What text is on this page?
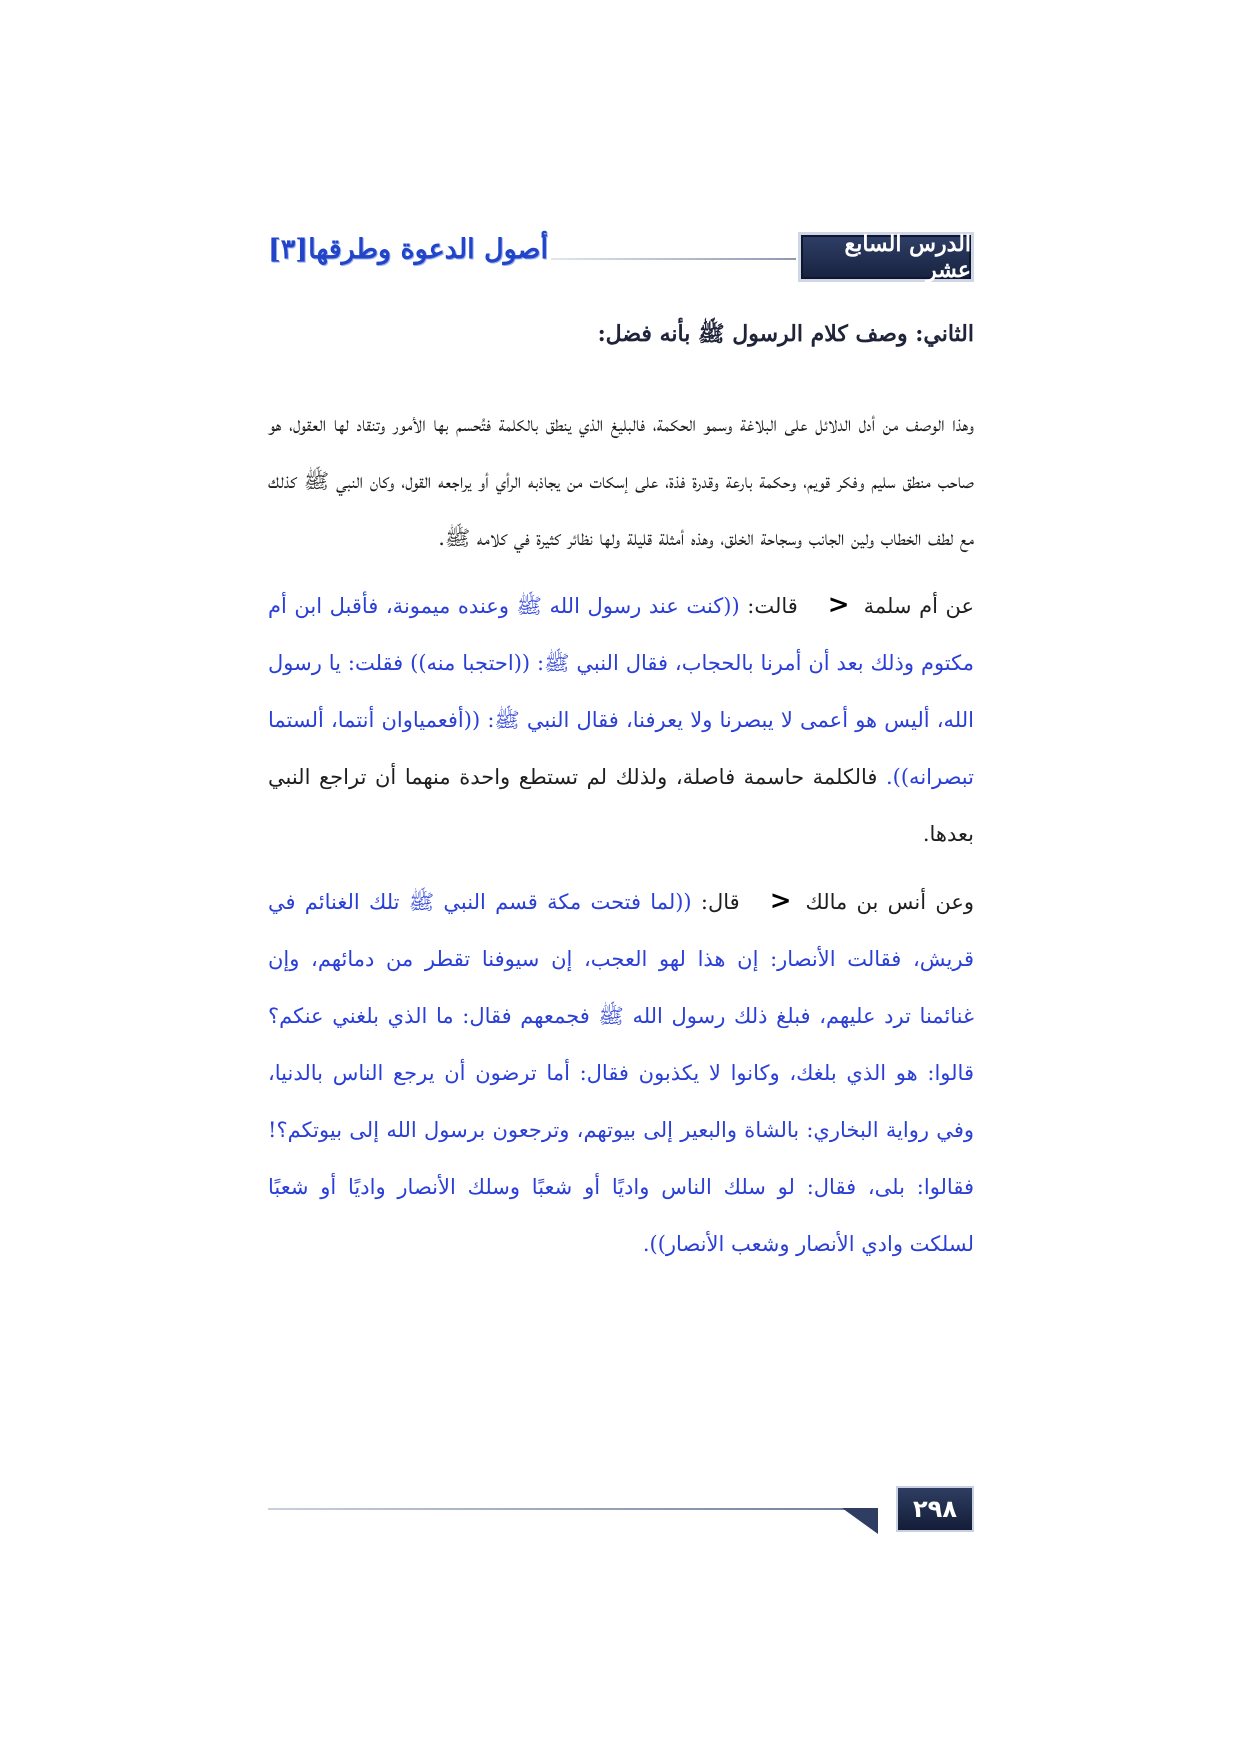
الدرس السابع عشر
أصول الدعوة وطرقها[٣]

الثاني: وصف كلام الرسول ﷺ بأنه فضل:

وهذا الوصف من أدل الدلائل على البلاغة وسمو الحكمة، فالبليغ الذي ينطق بالكلمة فتُحسم بها الأمور وتنقاد لها العقول، هو صاحب منطق سليم وفكر قويم، وحكمة بارعة وقدرة فذة، على إسكات من يجاذبه الرأي أو يراجعه القول، وكان النبي ﷺ كذلك مع لطف الخطاب ولين الجانب وسجاحة الخلق، وهذه أمثلة قليلة ولها نظائر كثيرة في كلامه ﷺ.

عن أم سلمة<قالت: ((كنت عند رسول الله ﷺ وعنده ميمونة، فأقبل ابن أم مكتوم وذلك بعد أن أمرنا بالحجاب، فقال النبي ﷺ: ((احتجبا منه)) فقلت: يا رسول الله، أليس هو أعمى لا يبصرنا ولا يعرفنا، فقال النبي ﷺ: ((أفعمياوان أنتما، ألستما تبصرانه)). فالكلمة حاسمة فاصلة، ولذلك لم تستطع واحدة منهما أن تراجع النبي بعدها.

وعن أنس بن مالك<قال: ((لما فتحت مكة قسم النبي ﷺ تلك الغنائم في قريش، فقالت الأنصار: إن هذا لهو العجب، إن سيوفنا تقطر من دمائهم، وإن غنائمنا ترد عليهم، فبلغ ذلك رسول الله ﷺ فجمعهم فقال: ما الذي بلغني عنكم؟ قالوا: هو الذي بلغك، وكانوا لا يكذبون فقال: أما ترضون أن يرجع الناس بالدنيا، وفي رواية البخاري: بالشاة والبعير إلى بيوتهم، وترجعون برسول الله إلى بيوتكم؟! فقالوا: بلى، فقال: لو سلك الناس واديًا أو شعبًا وسلك الأنصار واديًا أو شعبًا لسلكت وادي الأنصار وشعب الأنصار)).

٢٩٨
